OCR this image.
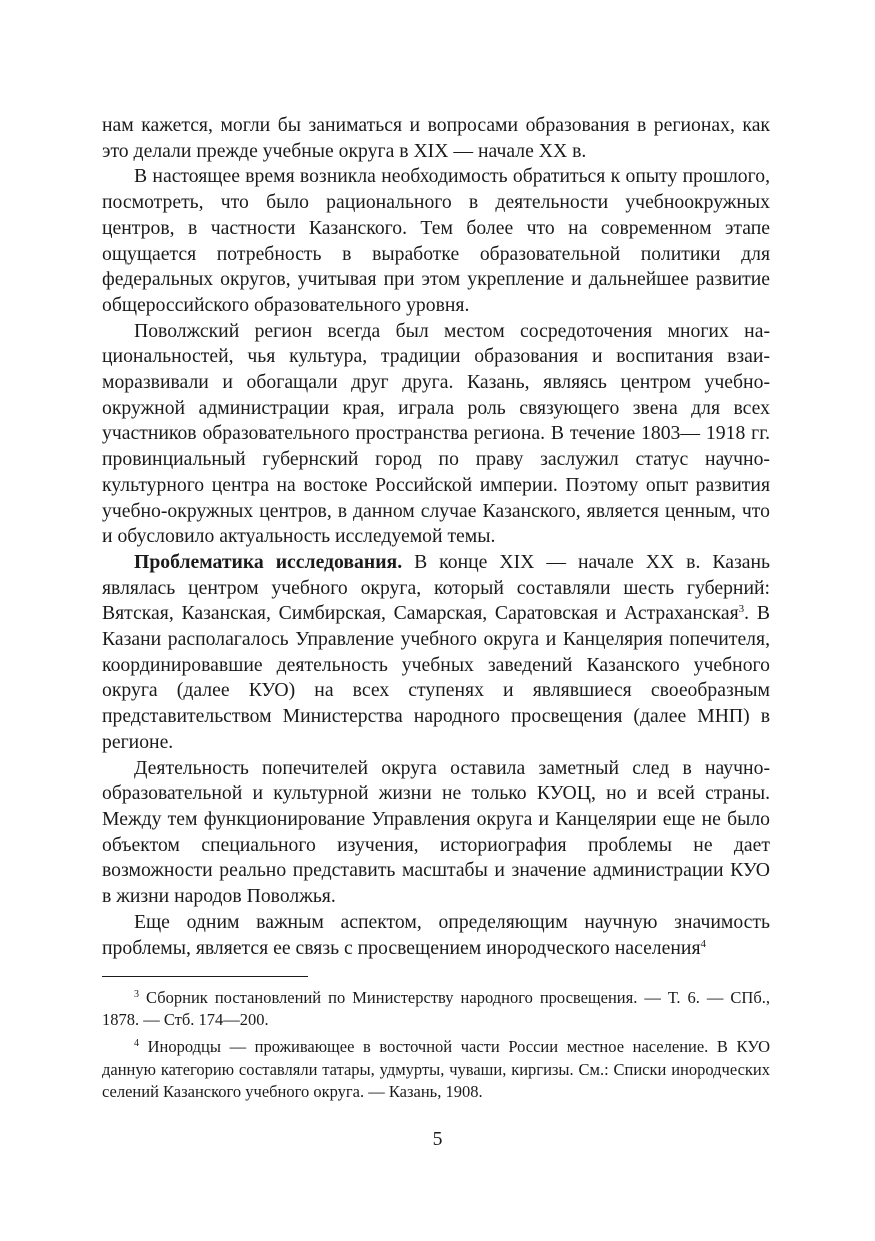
нам кажется, могли бы заниматься и вопросами образования в регионах, как это делали прежде учебные округа в XIX — начале XX в.

В настоящее время возникла необходимость обратиться к опыту прошлого, посмотреть, что было рационального в деятельности учебноокружных центров, в частности Казанского. Тем более что на современном этапе ощущается потребность в выработке образовательной политики для федеральных округов, учитывая при этом укрепление и дальнейшее развитие общероссийского образовательного уровня.

Поволжский регион всегда был местом сосредоточения многих национальностей, чья культура, традиции образования и воспитания взаиморазвивали и обогащали друг друга. Казань, являясь центром учебноокружной администрации края, играла роль связующего звена для всех участников образовательного пространства региона. В течение 1803— 1918 гг. провинциальный губернский город по праву заслужил статус научно-культурного центра на востоке Российской империи. Поэтому опыт развития учебно-окружных центров, в данном случае Казанского, является ценным, что и обусловило актуальность исследуемой темы.

Проблематика исследования. В конце XIX — начале XX в. Казань являлась центром учебного округа, который составляли шесть губерний: Вятская, Казанская, Симбирская, Самарская, Саратовская и Астраханская$^3$. В Казани располагалось Управление учебного округа и Канцелярия попечителя, координировавшие деятельность учебных заведений Казанского учебного округа (далее КУО) на всех ступенях и являвшиеся своеобразным представительством Министерства народного просвещения (далее МНП) в регионе.

Деятельность попечителей округа оставила заметный след в научнообразовательной и культурной жизни не только КУОЦ, но и всей страны. Между тем функционирование Управления округа и Канцелярии еще не было объектом специального изучения, историография проблемы не дает возможности реально представить масштабы и значение администрации КУО в жизни народов Поволжья.

Еще одним важным аспектом, определяющим научную значимость проблемы, является ее связь с просвещением инородческого населения$^4$

$^3$ Сборник постановлений по Министерству народного просвещения. — Т. 6. — СПб., 1878. — Стб. 174—200.

$^4$ Инородцы — проживающее в восточной части России местное население. В КУО данную категорию составляли татары, удмурты, чуваши, киргизы. См.: Списки инородческих селений Казанского учебного округа. — Казань, 1908.

5
